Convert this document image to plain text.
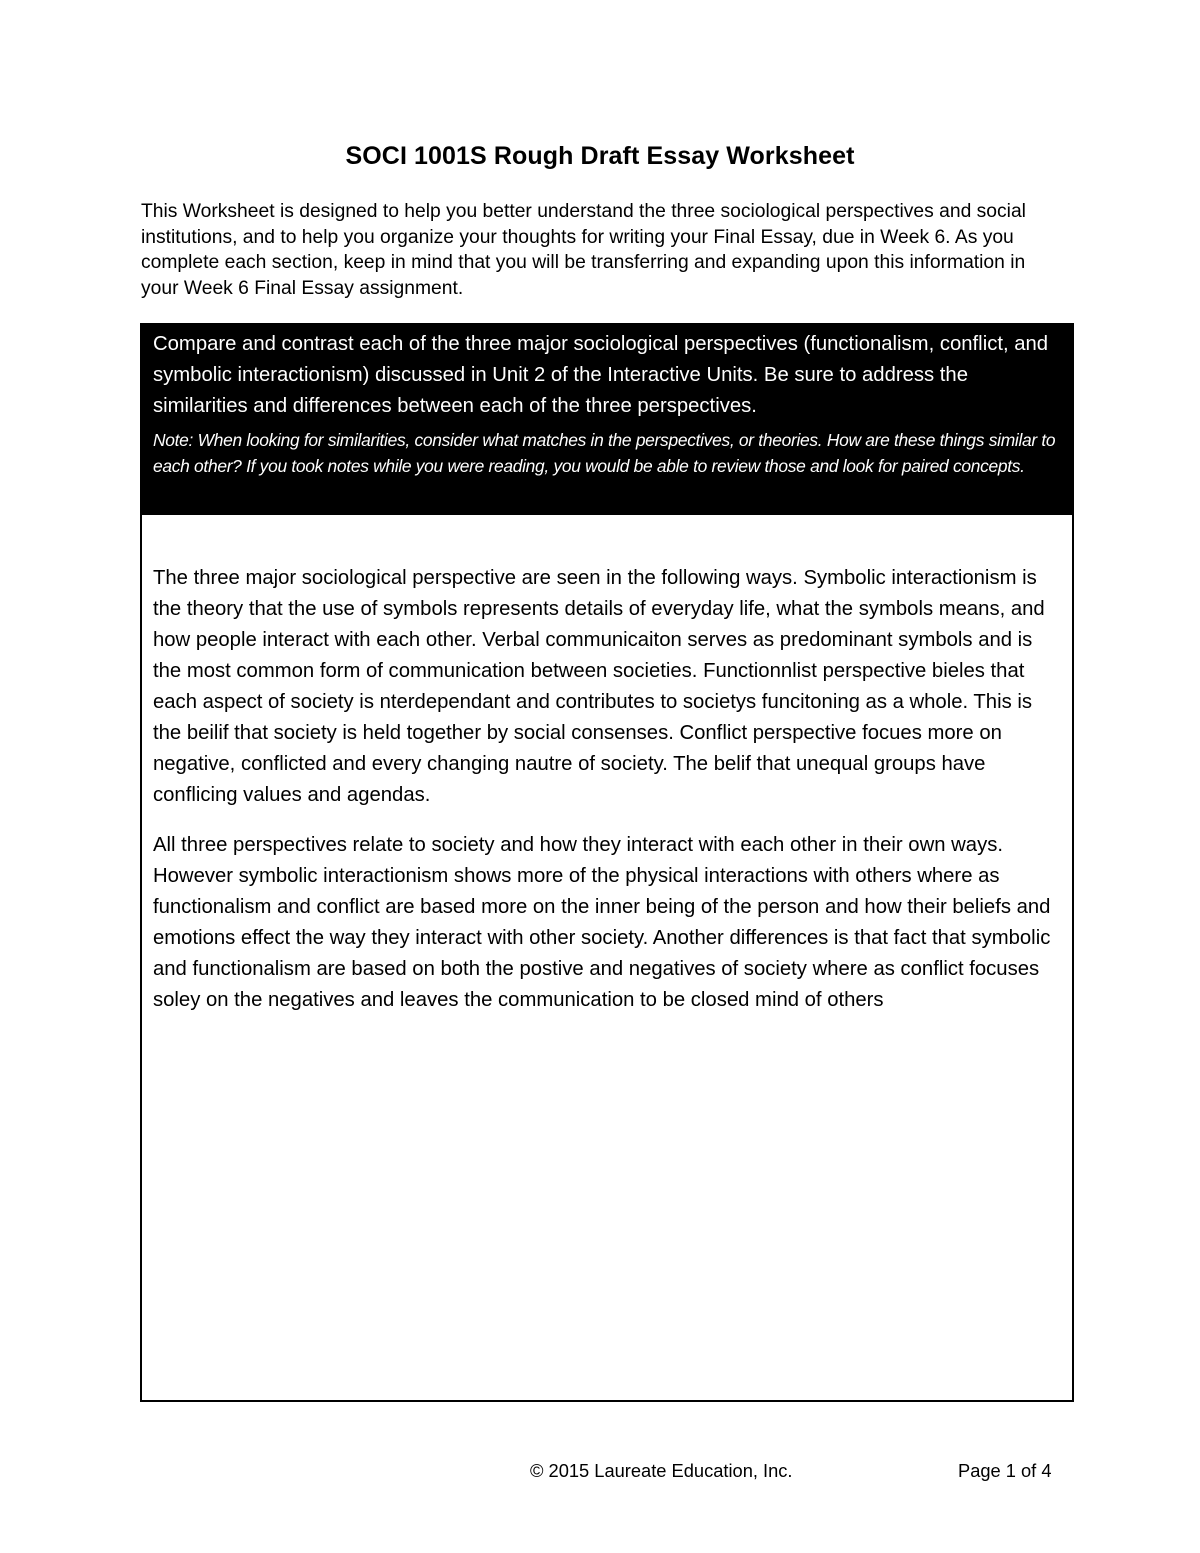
SOCI 1001S Rough Draft Essay Worksheet

This Worksheet is designed to help you better understand the three sociological perspectives and social institutions, and to help you organize your thoughts for writing your Final Essay, due in Week 6. As you complete each section, keep in mind that you will be transferring and expanding upon this information in your Week 6 Final Essay assignment.

Compare and contrast each of the three major sociological perspectives (functionalism, conflict, and symbolic interactionism) discussed in Unit 2 of the Interactive Units. Be sure to address the similarities and differences between each of the three perspectives.

Note: When looking for similarities, consider what matches in the perspectives, or theories. How are these things similar to each other? If you took notes while you were reading, you would be able to review those and look for paired concepts.

The three major sociological perspective are seen in the following ways. Symbolic interactionism is the theory that the use of symbols represents details of everyday life, what the symbols means, and how people interact with each other. Verbal communicaiton serves as predominant symbols and is the most common form of communication between societies. Functionnlist perspective bieles that each aspect of society is nterdependant and contributes to societys funcitoning as a whole. This is the beilif that society is held together by social consenses. Conflict perspective focues more on negative, conflicted and every changing nautre of society. The belif that unequal groups have conflicing values and agendas.

All three perspectives relate to society and how they interact with each other in their own ways. However symbolic interactionism shows more of the physical interactions with others where as functionalism and conflict are based more on the inner being of the person and how their beliefs and emotions effect the way they interact with other society. Another differences is that fact that symbolic and functionalism are based on both the postive and negatives of society where as conflict focuses soley on the negatives and leaves the communication to be closed mind of others

© 2015 Laureate Education, Inc.	Page 1 of 4
